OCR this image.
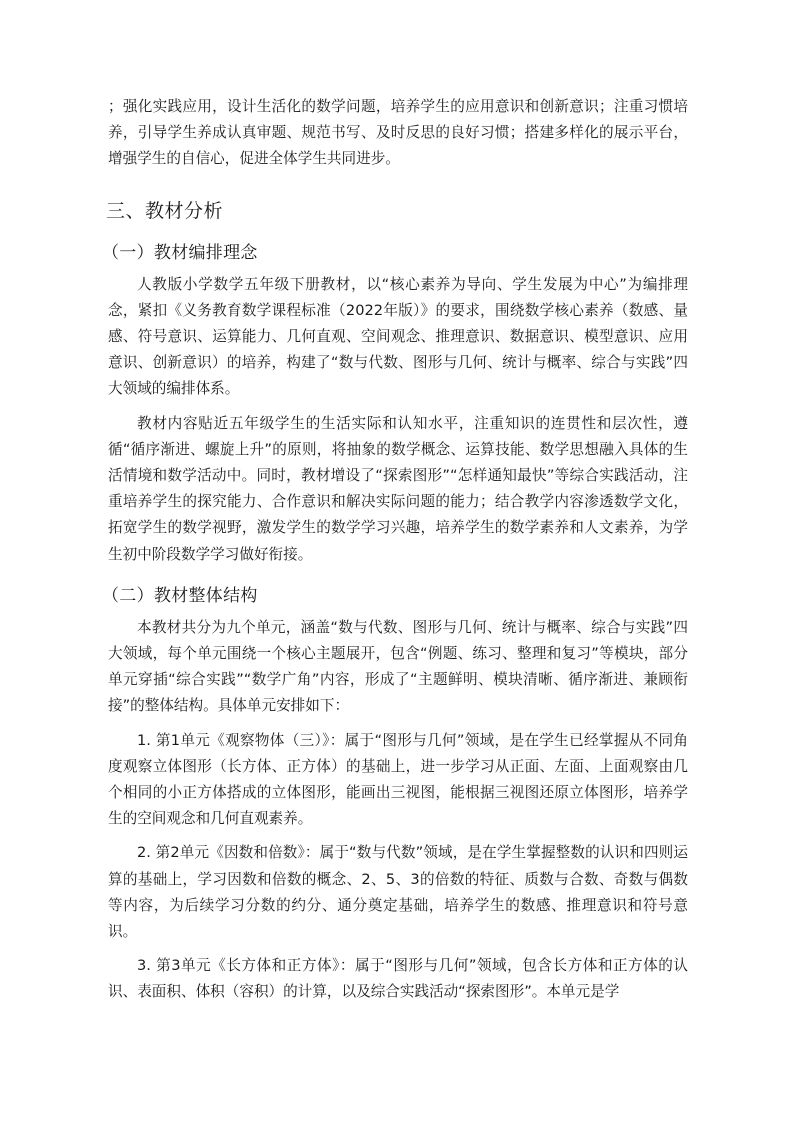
；强化实践应用，设计生活化的数学问题，培养学生的应用意识和创新意识；注重习惯培养，引导学生养成认真审题、规范书写、及时反思的良好习惯；搭建多样化的展示平台，增强学生的自信心，促进全体学生共同进步。

三、教材分析
（一）教材编排理念

人教版小学数学五年级下册教材，以“核心素养为导向、学生发展为中心”为编排理念，紧扣《义务教育数学课程标准（2022年版）》的要求，围绕数学核心素养（数感、量感、符号意识、运算能力、几何直观、空间观念、推理意识、数据意识、模型意识、应用意识、创新意识）的培养，构建了“数与代数、图形与几何、统计与概率、综合与实践”四大领域的编排体系。

教材内容贴近五年级学生的生活实际和认知水平，注重知识的连贯性和层次性，遵循“循序渐进、螺旋上升”的原则，将抽象的数学概念、运算技能、数学思想融入具体的生活情境和数学活动中。同时，教材增设了“探索图形”“怎样通知最快”等综合实践活动，注重培养学生的探究能力、合作意识和解决实际问题的能力；结合教学内容渗透数学文化，拓宽学生的数学视野，激发学生的数学学习兴趣，培养学生的数学素养和人文素养，为学生初中阶段数学学习做好衔接。

（二）教材整体结构

本教材共分为九个单元，涵盖“数与代数、图形与几何、统计与概率、综合与实践”四大领域，每个单元围绕一个核心主题展开，包含“例题、练习、整理和复习”等模块，部分单元穿插“综合实践”“数学广角”内容，形成了“主题鲜明、模块清晰、循序渐进、兼顾衔接”的整体结构。具体单元安排如下：

1. 第1单元《观察物体（三）》：属于“图形与几何”领域，是在学生已经掌握从不同角度观察立体图形（长方体、正方体）的基础上，进一步学习从正面、左面、上面观察由几个相同的小正方体搭成的立体图形，能画出三视图，能根据三视图还原立体图形，培养学生的空间观念和几何直观素养。

2. 第2单元《因数和倍数》：属于“数与代数”领域，是在学生掌握整数的认识和四则运算的基础上，学习因数和倍数的概念、2、5、3的倍数的特征、质数与合数、奇数与偶数等内容，为后续学习分数的约分、通分奠定基础，培养学生的数感、推理意识和符号意识。

3. 第3单元《长方体和正方体》：属于“图形与几何”领域，包含长方体和正方体的认识、表面积、体积（容积）的计算，以及综合实践活动“探索图形”。本单元是学
